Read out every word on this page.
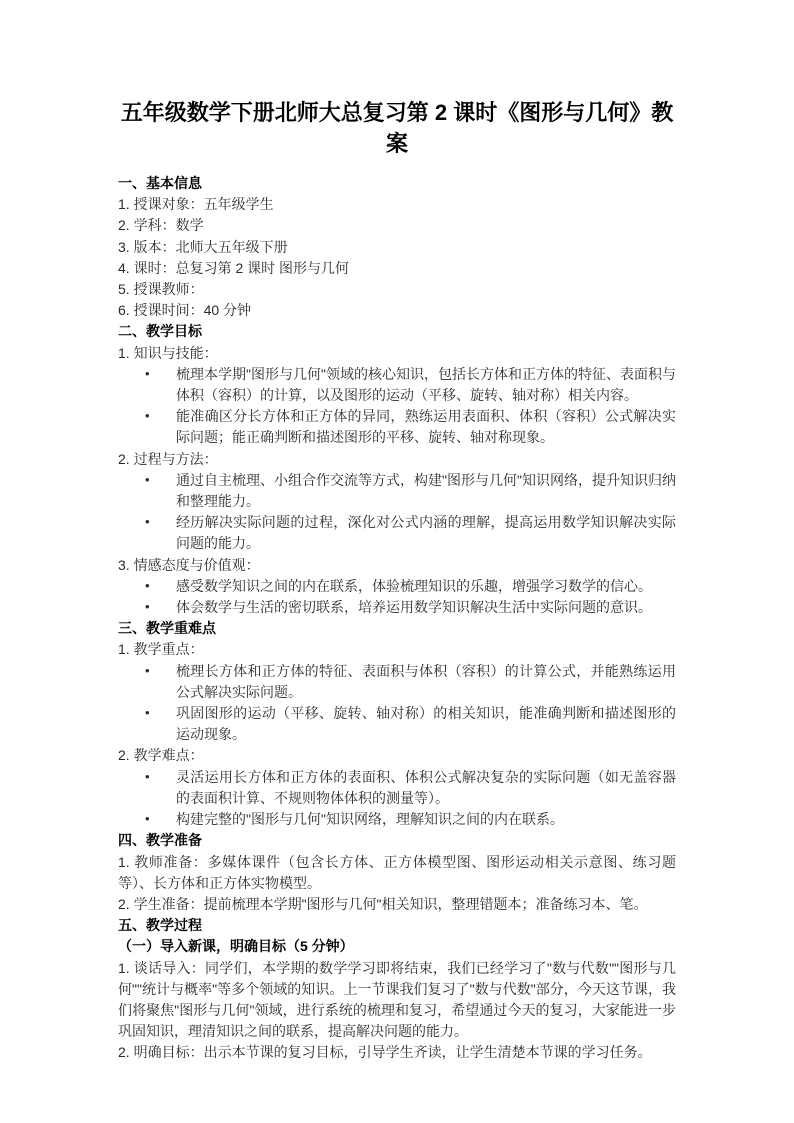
五年级数学下册北师大总复习第 2 课时《图形与几何》教案

一、基本信息

1. 授课对象：五年级学生

2. 学科：数学

3. 版本：北师大五年级下册

4. 课时：总复习第 2 课时 图形与几何

5. 授课教师：

6. 授课时间：40 分钟

二、教学目标

1. 知识与技能：

• 梳理本学期"图形与几何"领域的核心知识，包括长方体和正方体的特征、表面积与体积（容积）的计算，以及图形的运动（平移、旋转、轴对称）相关内容。
• 能准确区分长方体和正方体的异同，熟练运用表面积、体积（容积）公式解决实际问题；能正确判断和描述图形的平移、旋转、轴对称现象。

2. 过程与方法：

• 通过自主梳理、小组合作交流等方式，构建"图形与几何"知识网络，提升知识归纳和整理能力。
• 经历解决实际问题的过程，深化对公式内涵的理解，提高运用数学知识解决实际问题的能力。

3. 情感态度与价值观：

• 感受数学知识之间的内在联系，体验梳理知识的乐趣，增强学习数学的信心。
• 体会数学与生活的密切联系，培养运用数学知识解决生活中实际问题的意识。

三、教学重难点

1. 教学重点：

• 梳理长方体和正方体的特征、表面积与体积（容积）的计算公式，并能熟练运用公式解决实际问题。
• 巩固图形的运动（平移、旋转、轴对称）的相关知识，能准确判断和描述图形的运动现象。

2. 教学难点：

• 灵活运用长方体和正方体的表面积、体积公式解决复杂的实际问题（如无盖容器的表面积计算、不规则物体体积的测量等）。
• 构建完整的"图形与几何"知识网络，理解知识之间的内在联系。

四、教学准备

1. 教师准备：多媒体课件（包含长方体、正方体模型图、图形运动相关示意图、练习题等）、长方体和正方体实物模型。

2. 学生准备：提前梳理本学期"图形与几何"相关知识，整理错题本；准备练习本、笔。

五、教学过程

（一）导入新课，明确目标（5 分钟）

1. 谈话导入：同学们，本学期的数学学习即将结束，我们已经学习了"数与代数""图形与几何""统计与概率"等多个领域的知识。上一节课我们复习了"数与代数"部分，今天这节课，我们将聚焦"图形与几何"领域，进行系统的梳理和复习，希望通过今天的复习，大家能进一步巩固知识，理清知识之间的联系，提高解决问题的能力。

2. 明确目标：出示本节课的复习目标，引导学生齐读，让学生清楚本节课的学习任务。
